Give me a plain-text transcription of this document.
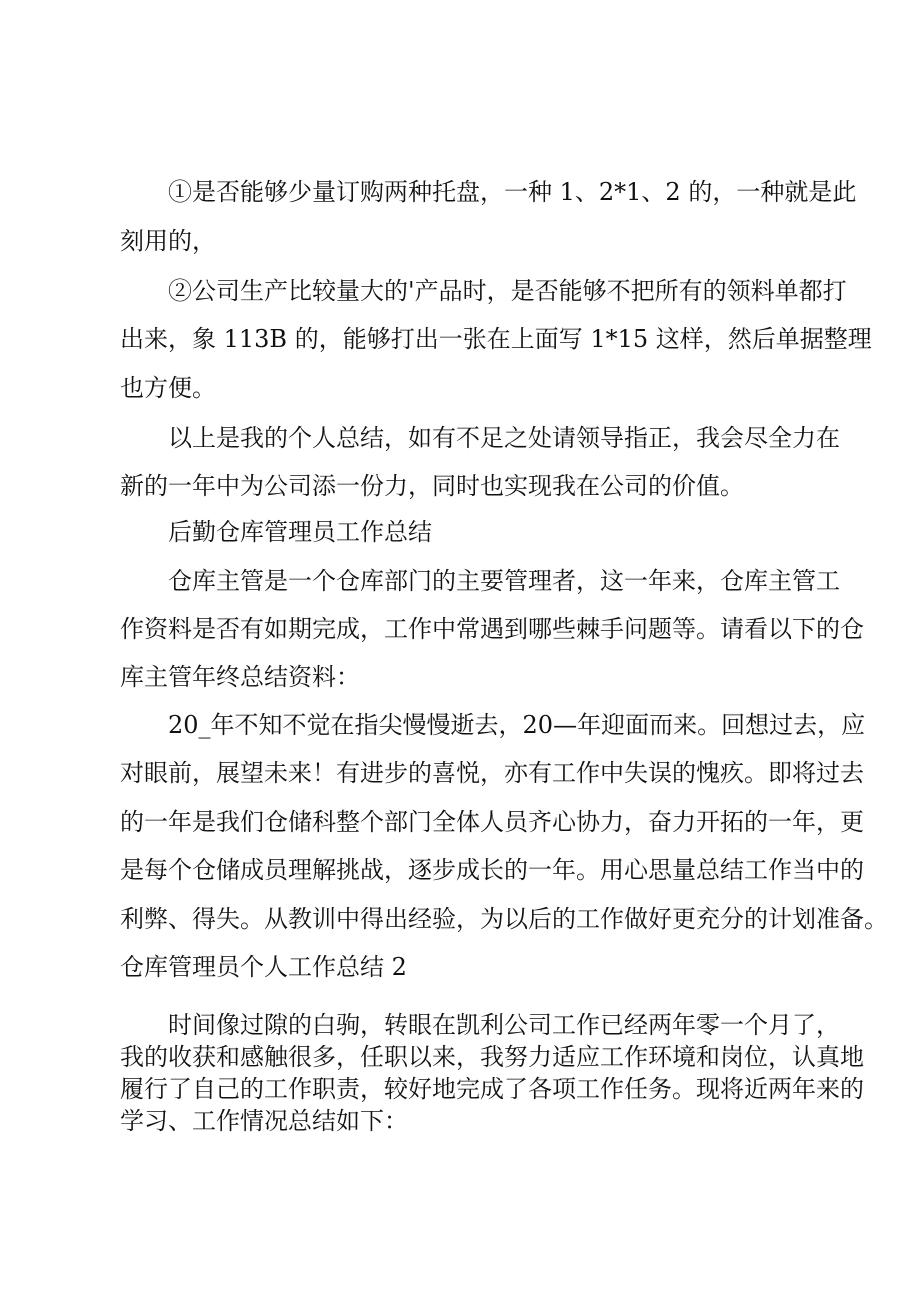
①是否能够少量订购两种托盘，一种 1、2*1、2 的，一种就是此
刻用的，
②公司生产比较量大的'产品时，是否能够不把所有的领料单都打
出来，象 113B 的，能够打出一张在上面写 1*15 这样，然后单据整理
也方便。
以上是我的个人总结，如有不足之处请领导指正，我会尽全力在
新的一年中为公司添一份力，同时也实现我在公司的价值。
后勤仓库管理员工作总结
仓库主管是一个仓库部门的主要管理者，这一年来，仓库主管工
作资料是否有如期完成，工作中常遇到哪些棘手问题等。请看以下的仓
库主管年终总结资料：
20_年不知不觉在指尖慢慢逝去，20—年迎面而来。回想过去，应
对眼前，展望未来！有进步的喜悦，亦有工作中失误的愧疚。即将过去
的一年是我们仓储科整个部门全体人员齐心协力，奋力开拓的一年，更
是每个仓储成员理解挑战，逐步成长的一年。用心思量总结工作当中的
利弊、得失。从教训中得出经验，为以后的工作做好更充分的计划准备。
仓库管理员个人工作总结 2
时间像过隙的白驹，转眼在凯利公司工作已经两年零一个月了，
我的收获和感触很多，任职以来，我努力适应工作环境和岗位，认真地
履行了自己的工作职责，较好地完成了各项工作任务。现将近两年来的
学习、工作情况总结如下：
